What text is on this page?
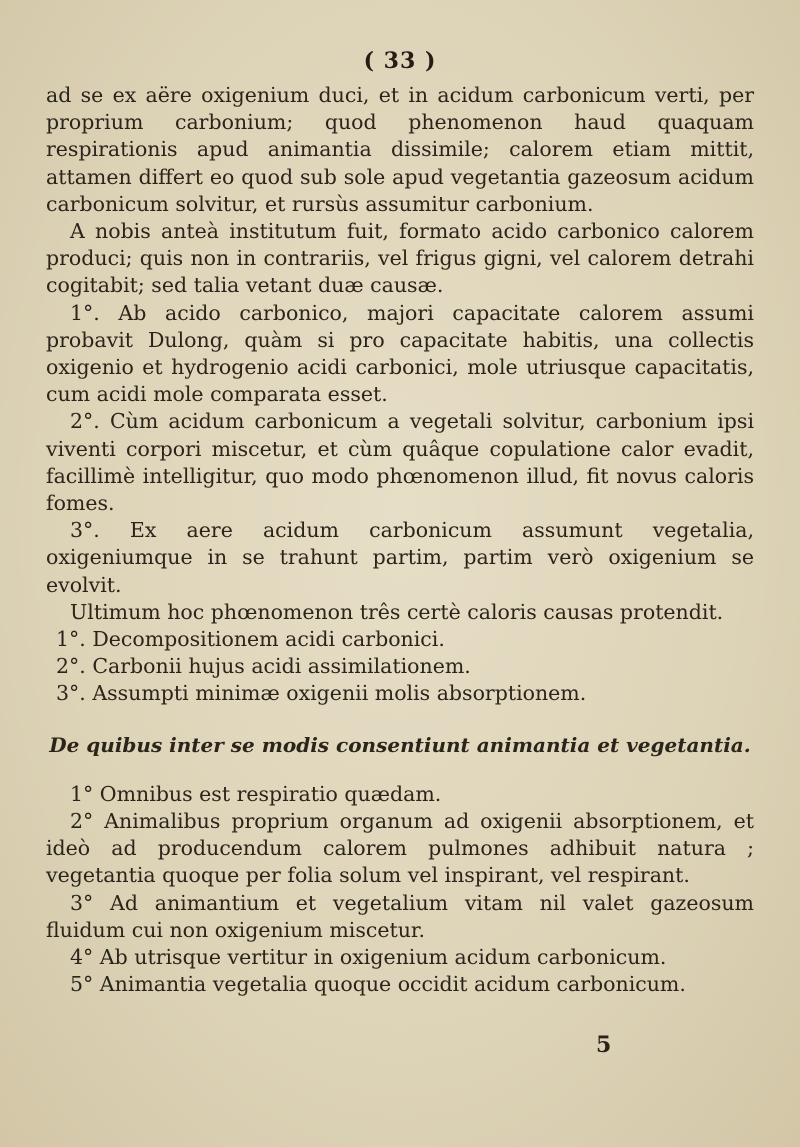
( 33 )

ad se ex aëre oxigenium duci, et in acidum carbonicum verti, per proprium carbonium; quod phenomenon haud quaquam respirationis apud animantia dissimile; calorem etiam mittit, attamen differt eo quod sub sole apud vegetantia gazeosum acidum carbonicum solvitur, et rursùs assumitur carbonium.

A nobis anteà institutum fuit, formato acido carbonico calorem produci; quis non in contrariis, vel frigus gigni, vel calorem detrahi cogitabit; sed talia vetant duæ causæ.

1°. Ab acido carbonico, majori capacitate calorem assumi probavit Dulong, quàm si pro capacitate habitis, una collectis oxigenio et hydrogenio acidi carbonici, mole utriusque capacitatis, cum acidi mole comparata esset.

2°. Cùm acidum carbonicum a vegetali solvitur, carbonium ipsi viventi corpori miscetur, et cùm quâque copulatione calor evadit, facillimè intelligitur, quo modo phœnomenon illud, fit novus caloris fomes.

3°. Ex aere acidum carbonicum assumunt vegetalia, oxigeniumque in se trahunt partim, partim verò oxigenium se evolvit.

Ultimum hoc phœnomenon três certè caloris causas protendit.

1°. Decompositionem acidi carbonici.

2°. Carbonii hujus acidi assimilationem.

3°. Assumpti minimæ oxigenii molis absorptionem.

De quibus inter se modis consentiunt animantia et vegetantia.

1° Omnibus est respiratio quædam.

2° Animalibus proprium organum ad oxigenii absorptionem, et ideò ad producendum calorem pulmones adhibuit natura ; vegetantia quoque per folia solum vel inspirant, vel respirant.

3° Ad animantium et vegetalium vitam nil valet gazeosum fluidum cui non oxigenium miscetur.

4° Ab utrisque vertitur in oxigenium acidum carbonicum.

5° Animantia vegetalia quoque occidit acidum carbonicum.

5
